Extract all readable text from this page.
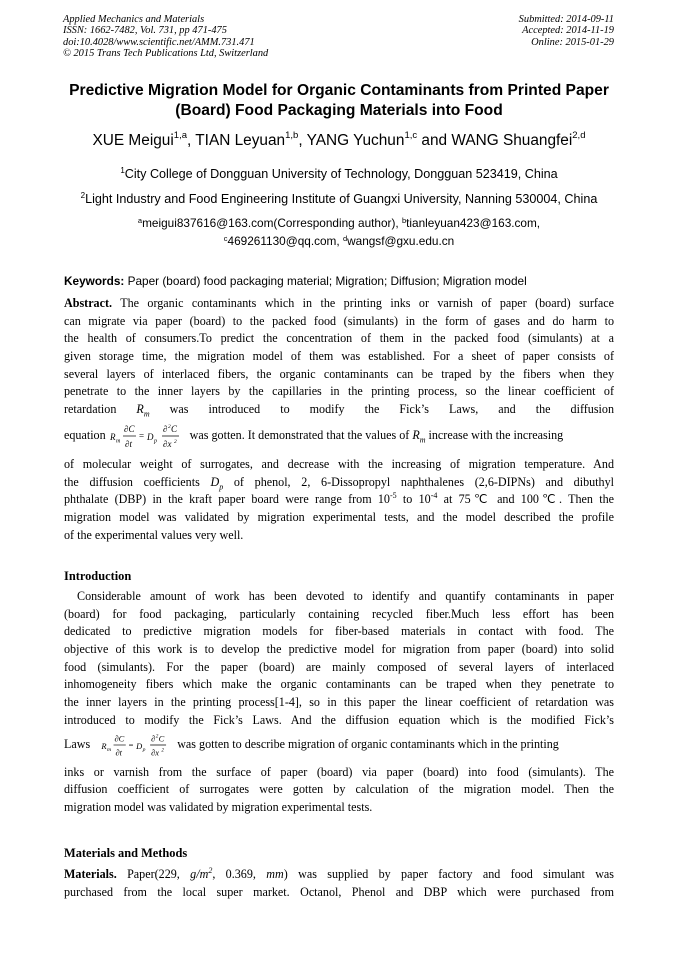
Applied Mechanics and Materials
ISSN: 1662-7482, Vol. 731, pp 471-475
doi:10.4028/www.scientific.net/AMM.731.471
© 2015 Trans Tech Publications Ltd, Switzerland
Submitted: 2014-09-11
Accepted: 2014-11-19
Online: 2015-01-29
Predictive Migration Model for Organic Contaminants from Printed Paper
(Board) Food Packaging Materials into Food
XUE Meigui$^{1,a}$, TIAN Leyuan$^{1,b}$, YANG Yuchun$^{1,c}$ and WANG Shuangfei$^{2,d}$
$^1$City College of Dongguan University of Technology, Dongguan 523419, China
$^2$Light Industry and Food Engineering Institute of Guangxi University, Nanning 530004, China
$^a$meigui837616@163.com(Corresponding author), $^b$tianleyuan423@163.com,
$^c$469261130@qq.com, $^d$wangsf@gxu.edu.cn
Keywords: Paper (board) food packaging material; Migration; Diffusion; Migration model
Abstract. The organic contaminants which in the printing inks or varnish of paper (board) surface
can migrate via paper (board) to the packed food (simulants) in the form of gases and do harm to
the health of consumers.To predict the concentration of them in the packed food (simulants) at a
given storage time, the migration model of them was established. For a sheet of paper consists of
several layers of interlaced fibers, the organic contaminants can be traped by the fibers when they
penetrate to the inner layers by the capillaries in the printing process, so the linear coefficient of
retardation $R_m$ was introduced to modify the Fick’s Laws, and the diffusion
equation R m
∂C
∂t
= D p
∂ 2 C
∂x 2 was gotten. It demonstrated that the values of $R_m$ increase with the increasing
of molecular weight of surrogates, and decrease with the increasing of migration temperature. And
the diffusion coefficients $D_p$ of phenol, 2, 6-Dissopropyl naphthalenes (2,6-DIPNs) and dibuthyl
phthalate (DBP) in the kraft paper board were range from $10^{-5}$ to $10^{-4}$ at 75℃ and 100℃. Then the
migration model was validated by migration experimental tests, and the model described the profile
of the experimental values very well.
Introduction
Considerable amount of work has been devoted to identify and quantify contaminants in paper
(board) for food packaging, particularly containing recycled fiber.Much less effort has been
dedicated to predictive migration models for fiber-based materials in contact with food. The
objective of this work is to develop the predictive model for migration from paper (board) into solid
food (simulants). For the paper (board) are mainly composed of several layers of interlaced
inhomogeneity fibers which make the organic contaminants can be traped when they penetrate to
the inner layers in the printing process[1-4], so in this paper the linear coefficient of retardation was
introduced to modify the Fick’s Laws. And the diffusion equation which is the modified Fick’s
Laws R m
∂C
∂t
= D p
∂ 2 C
∂x 2 was gotten to describe migration of organic contaminants which in the printing
inks or varnish from the surface of paper (board) via paper (board) into food (simulants). The
diffusion coefficient of surrogates were gotten by calculation of the migration model. Then the
migration model was validated by migration experimental tests.
Materials and Methods
Materials. Paper(229, $g/m^2$, 0.369, mm) was supplied by paper factory and food simulant was
purchased from the local super market. Octanol, Phenol and DBP which were purchased from
